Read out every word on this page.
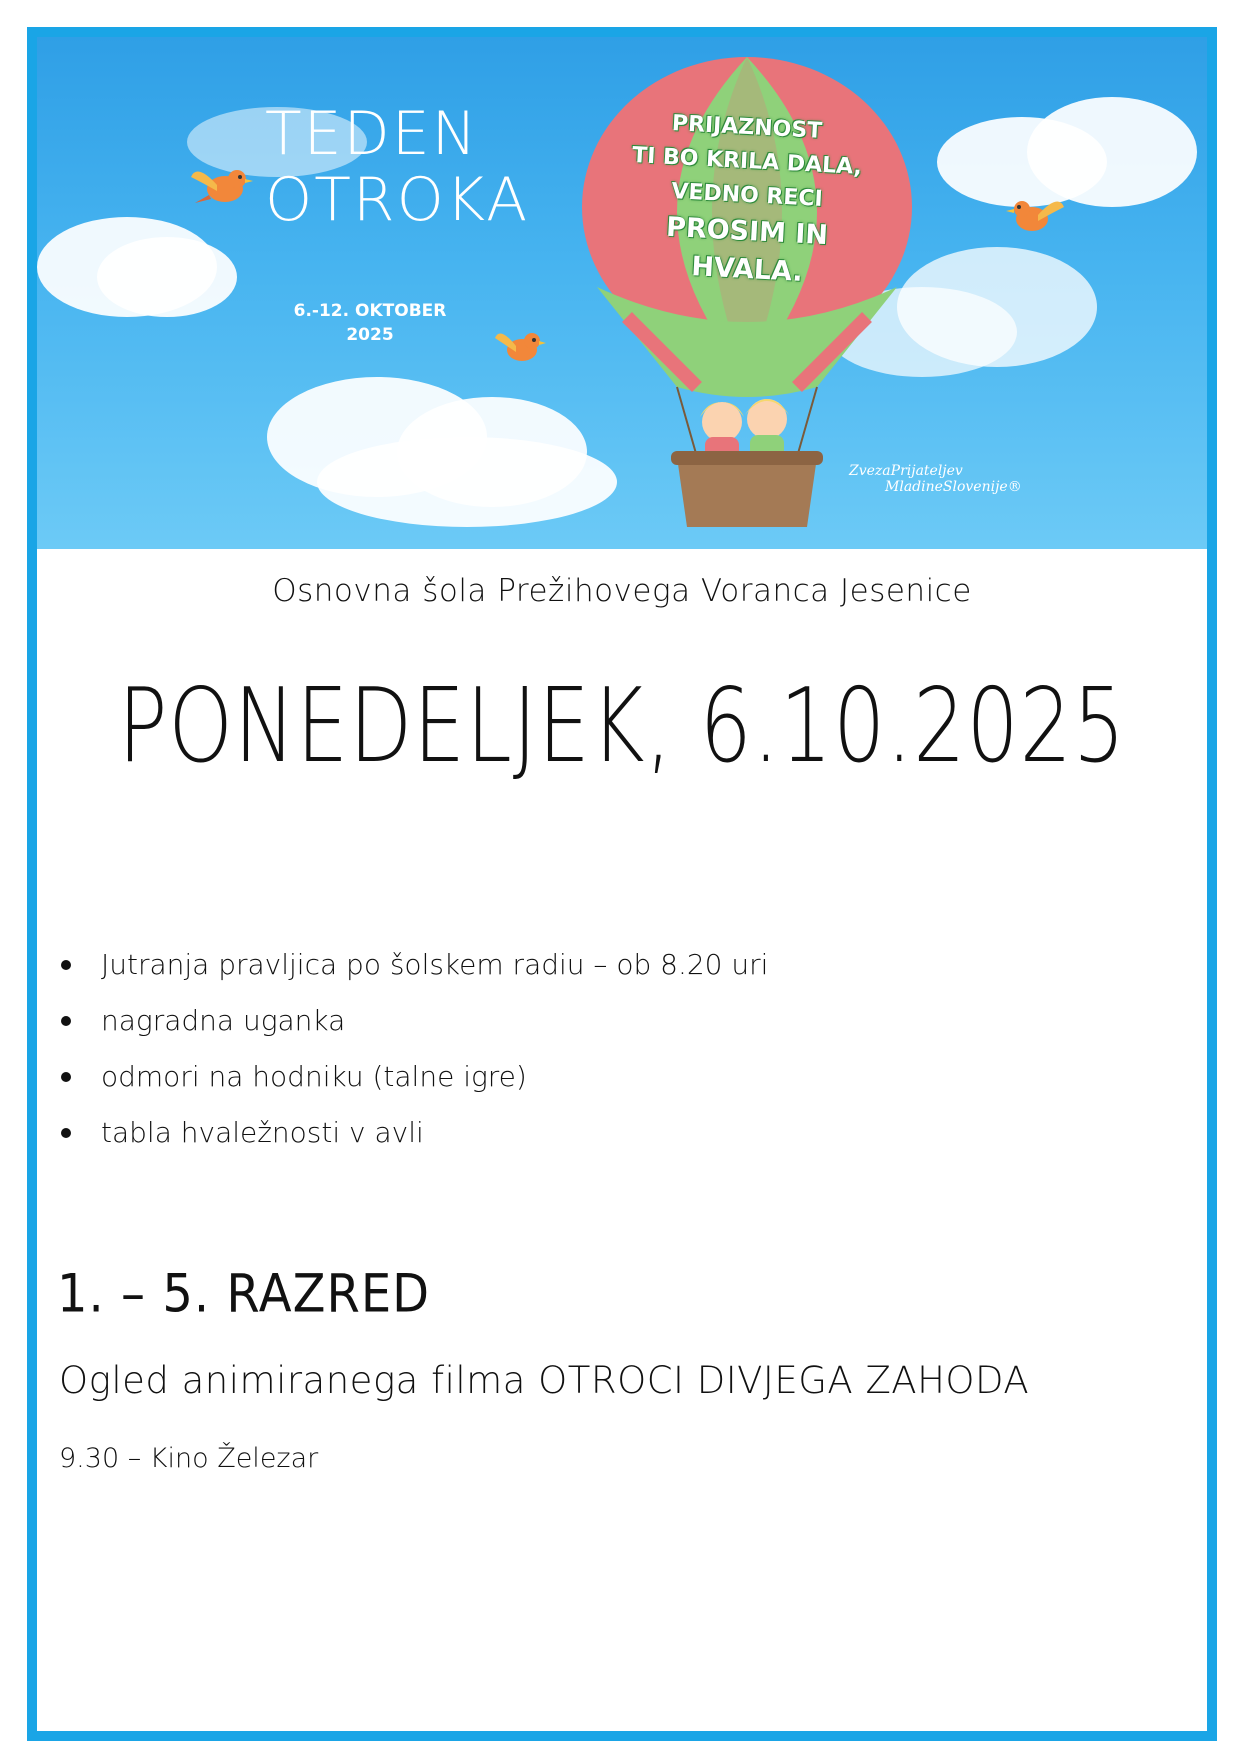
TEDEN
OTROKA
6.-12. OKTOBER
2025
PRIJAZNOST
TI BO KRILA DALA,
VEDNO RECI
PROSIM IN
HVALA.
ZvezaPrijateljev
MladineSlovenije®
Osnovna šola Prežihovega Voranca Jesenice
PONEDELJEK, 6.10.2025
Jutranja pravljica po šolskem radiu – ob 8.20 uri
nagradna uganka
odmori na hodniku (talne igre)
tabla hvaležnosti v avli
1. – 5. RAZRED
Ogled animiranega filma OTROCI DIVJEGA ZAHODA
9.30 – Kino Železar
